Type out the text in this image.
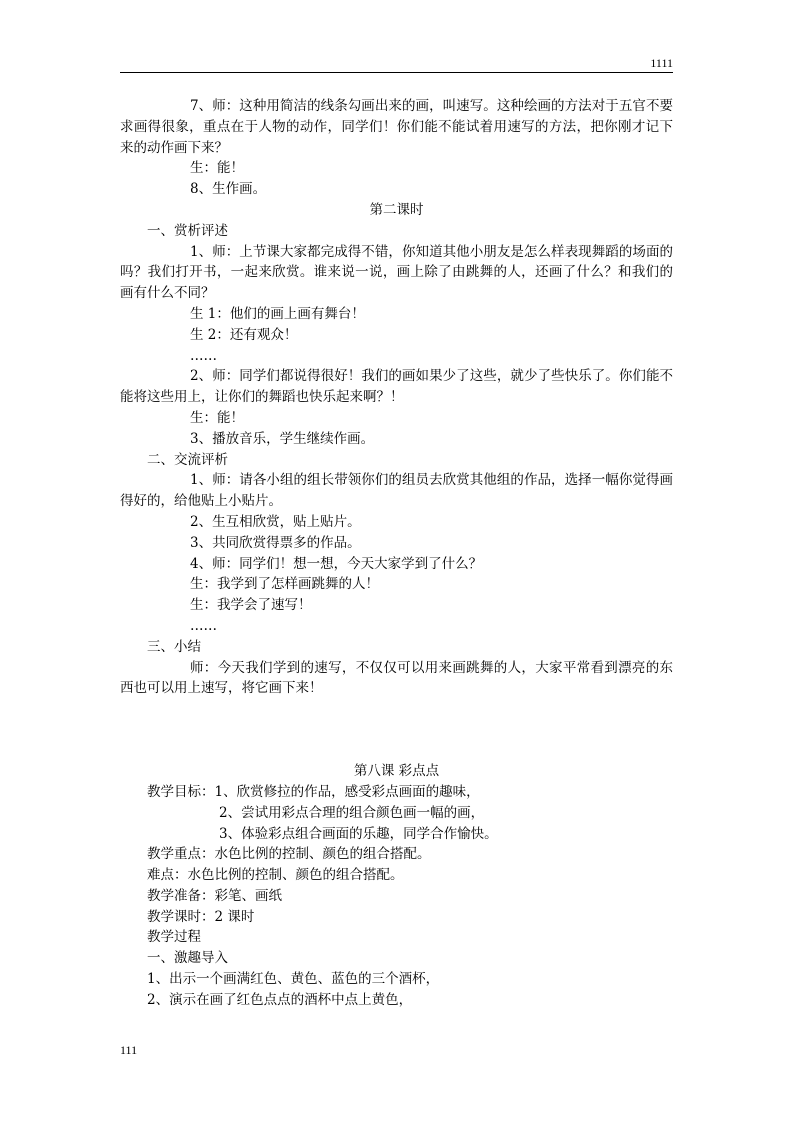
1111

7、师：这种用简洁的线条勾画出来的画，叫速写。这种绘画的方法对于五官不要求画得很象，重点在于人物的动作，同学们！你们能不能试着用速写的方法，把你刚才记下来的动作画下来？

生：能！

8、生作画。

第二课时

一、赏析评述

1、师：上节课大家都完成得不错，你知道其他小朋友是怎么样表现舞蹈的场面的吗？我们打开书，一起来欣赏。谁来说一说，画上除了由跳舞的人，还画了什么？和我们的画有什么不同？

生 1：他们的画上画有舞台！

生 2：还有观众！

……

2、师：同学们都说得很好！我们的画如果少了这些，就少了些快乐了。你们能不能将这些用上，让你们的舞蹈也快乐起来啊？！

生：能！

3、播放音乐，学生继续作画。

二、交流评析

1、师：请各小组的组长带领你们的组员去欣赏其他组的作品，选择一幅你觉得画得好的，给他贴上小贴片。

2、生互相欣赏，贴上贴片。

3、共同欣赏得票多的作品。

4、师：同学们！想一想，今天大家学到了什么？

生：我学到了怎样画跳舞的人！

生：我学会了速写！

……

三、小结

师：今天我们学到的速写，不仅仅可以用来画跳舞的人，大家平常看到漂亮的东西也可以用上速写，将它画下来！

第八课 彩点点

教学目标：1、欣赏修拉的作品，感受彩点画面的趣味，

2、尝试用彩点合理的组合颜色画一幅的画，

3、体验彩点组合画面的乐趣，同学合作愉快。

教学重点：水色比例的控制、颜色的组合搭配。

难点：水色比例的控制、颜色的组合搭配。

教学准备：彩笔、画纸

教学课时：2 课时

教学过程

一、激趣导入

1、出示一个画满红色、黄色、蓝色的三个酒杯，

2、演示在画了红色点点的酒杯中点上黄色，

111
